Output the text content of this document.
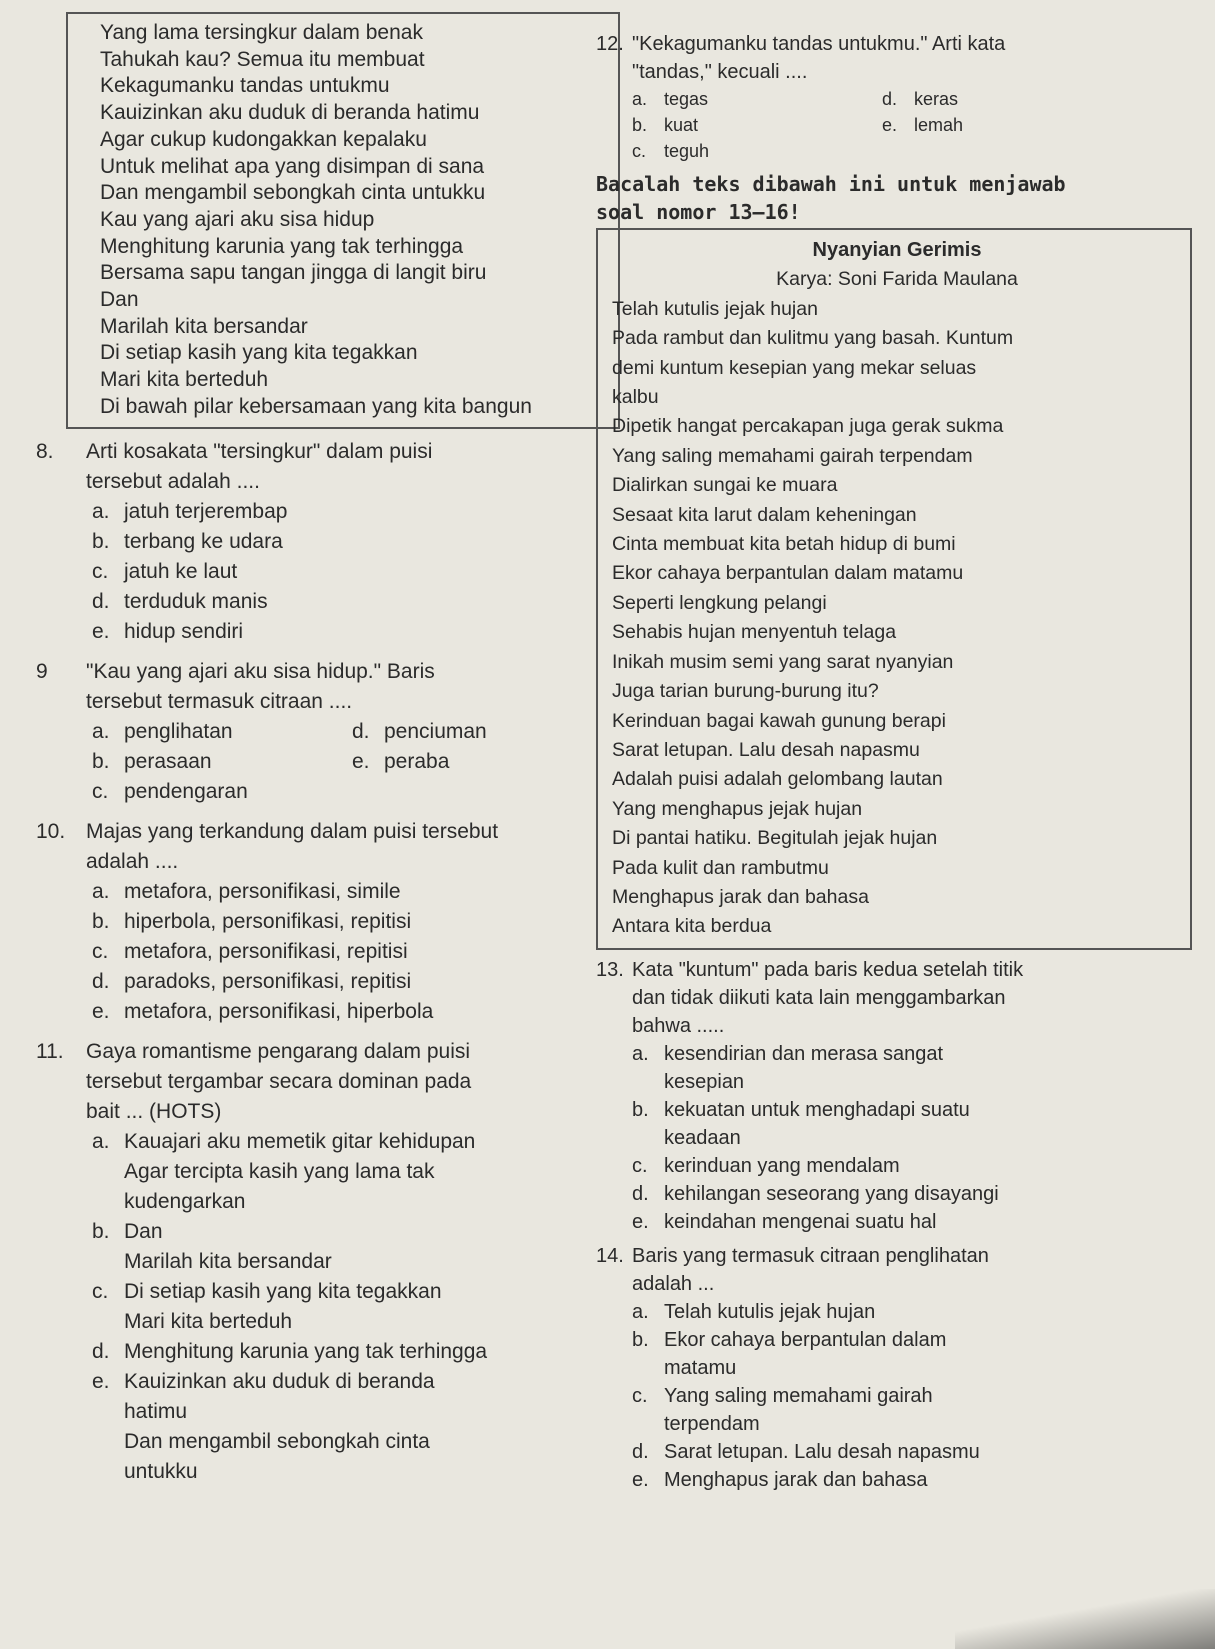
Yang lama tersingkur dalam benak
Tahukah kau? Semua itu membuat
Kekagumanku tandas untukmu
Kauizinkan aku duduk di beranda hatimu
Agar cukup kudongakkan kepalaku
Untuk melihat apa yang disimpan di sana
Dan mengambil sebongkah cinta untukku
Kau yang ajari aku sisa hidup
Menghitung karunia yang tak terhingga
Bersama sapu tangan jingga di langit biru
Dan
Marilah kita bersandar
Di setiap kasih yang kita tegakkan
Mari kita berteduh
Di bawah pilar kebersamaan yang kita bangun
8.	Arti kosakata "tersingkur" dalam puisi
tersebut adalah ....
a. jatuh terjerembap
b. terbang ke udara
c. jatuh ke laut
d. terduduk manis
e. hidup sendiri
9	"Kau yang ajari aku sisa hidup." Baris
tersebut termasuk citraan ....
a. penglihatan	d. penciuman
b. perasaan	e. peraba
c. pendengaran
10. Majas yang terkandung dalam puisi tersebut
adalah ....
a. metafora, personifikasi, simile
b. hiperbola, personifikasi, repitisi
c. metafora, personifikasi, repitisi
d. paradoks, personifikasi, repitisi
e. metafora, personifikasi, hiperbola
11.	Gaya romantisme pengarang dalam puisi
tersebut tergambar secara dominan pada
bait ... (HOTS)
a. Kauajari aku memetik gitar kehidupan
Agar tercipta kasih yang lama tak
kudengarkan
b. Dan
Marilah kita bersandar
c. Di setiap kasih yang kita tegakkan
Mari kita berteduh
d. Menghitung karunia yang tak terhingga
e. Kauizinkan aku duduk di beranda
hatimu
Dan mengambil sebongkah cinta
untukku
12. "Kekagumanku tandas untukmu." Arti kata
"tandas," kecuali ....
a. tegas	d. keras
b. kuat	e. lemah
c. teguh
Bacalah teks dibawah ini untuk menjawab
soal nomor 13–16!
Nyanyian Gerimis
Karya: Soni Farida Maulana
Telah kutulis jejak hujan
Pada rambut dan kulitmu yang basah. Kuntum
demi kuntum kesepian yang mekar seluas
kalbu
Dipetik hangat percakapan juga gerak sukma
Yang saling memahami gairah terpendam
Dialirkan sungai ke muara
Sesaat kita larut dalam keheningan
Cinta membuat kita betah hidup di bumi
Ekor cahaya berpantulan dalam matamu
Seperti lengkung pelangi
Sehabis hujan menyentuh telaga
Inikah musim semi yang sarat nyanyian
Juga tarian burung-burung itu?
Kerinduan bagai kawah gunung berapi
Sarat letupan. Lalu desah napasmu
Adalah puisi adalah gelombang lautan
Yang menghapus jejak hujan
Di pantai hatiku. Begitulah jejak hujan
Pada kulit dan rambutmu
Menghapus jarak dan bahasa
Antara kita berdua
13. Kata "kuntum" pada baris kedua setelah titik
dan tidak diikuti kata lain menggambarkan
bahwa .....
a. kesendirian dan merasa sangat
kesepian
b. kekuatan untuk menghadapi suatu
keadaan
c. kerinduan yang mendalam
d. kehilangan seseorang yang disayangi
e. keindahan mengenai suatu hal
14. Baris yang termasuk citraan penglihatan
adalah ...
a. Telah kutulis jejak hujan
b. Ekor cahaya berpantulan dalam
matamu
c. Yang saling memahami gairah
terpendam
d. Sarat letupan. Lalu desah napasmu
e. Menghapus jarak dan bahasa
